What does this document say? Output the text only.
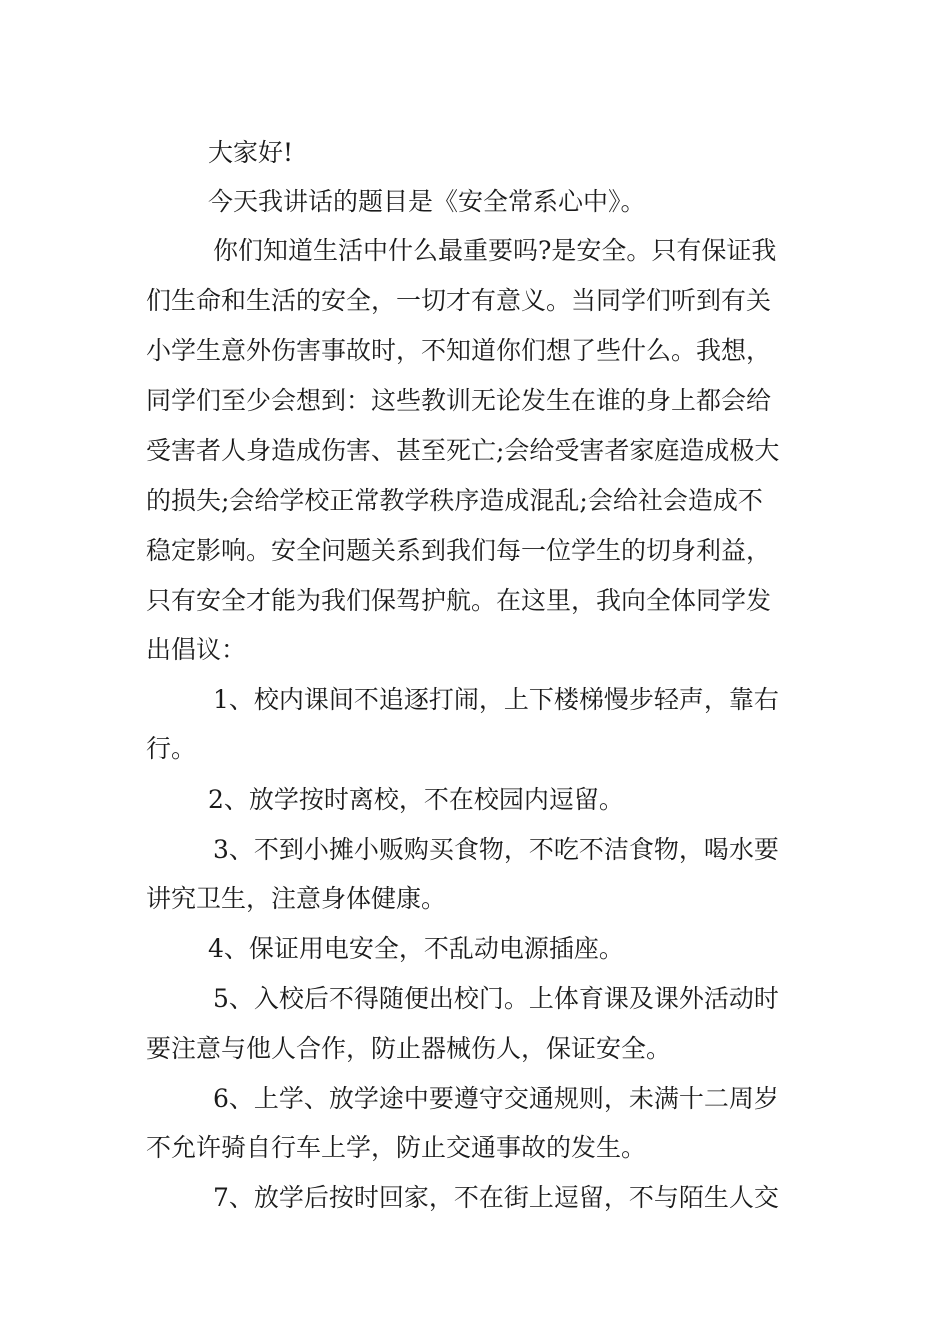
大家好!
今天我讲话的题目是《安全常系心中》。
你们知道生活中什么最重要吗?是安全。只有保证我
们生命和生活的安全，一切才有意义。当同学们听到有关
小学生意外伤害事故时，不知道你们想了些什么。我想，
同学们至少会想到：这些教训无论发生在谁的身上都会给
受害者人身造成伤害、甚至死亡;会给受害者家庭造成极大
的损失;会给学校正常教学秩序造成混乱;会给社会造成不
稳定影响。安全问题关系到我们每一位学生的切身利益，
只有安全才能为我们保驾护航。在这里，我向全体同学发
出倡议：
1、校内课间不追逐打闹，上下楼梯慢步轻声，靠右
行。
2、放学按时离校，不在校园内逗留。
3、不到小摊小贩购买食物，不吃不洁食物，喝水要
讲究卫生，注意身体健康。
4、保证用电安全，不乱动电源插座。
5、入校后不得随便出校门。上体育课及课外活动时
要注意与他人合作，防止器械伤人，保证安全。
6、上学、放学途中要遵守交通规则，未满十二周岁
不允许骑自行车上学，防止交通事故的发生。
7、放学后按时回家，不在街上逗留，不与陌生人交
